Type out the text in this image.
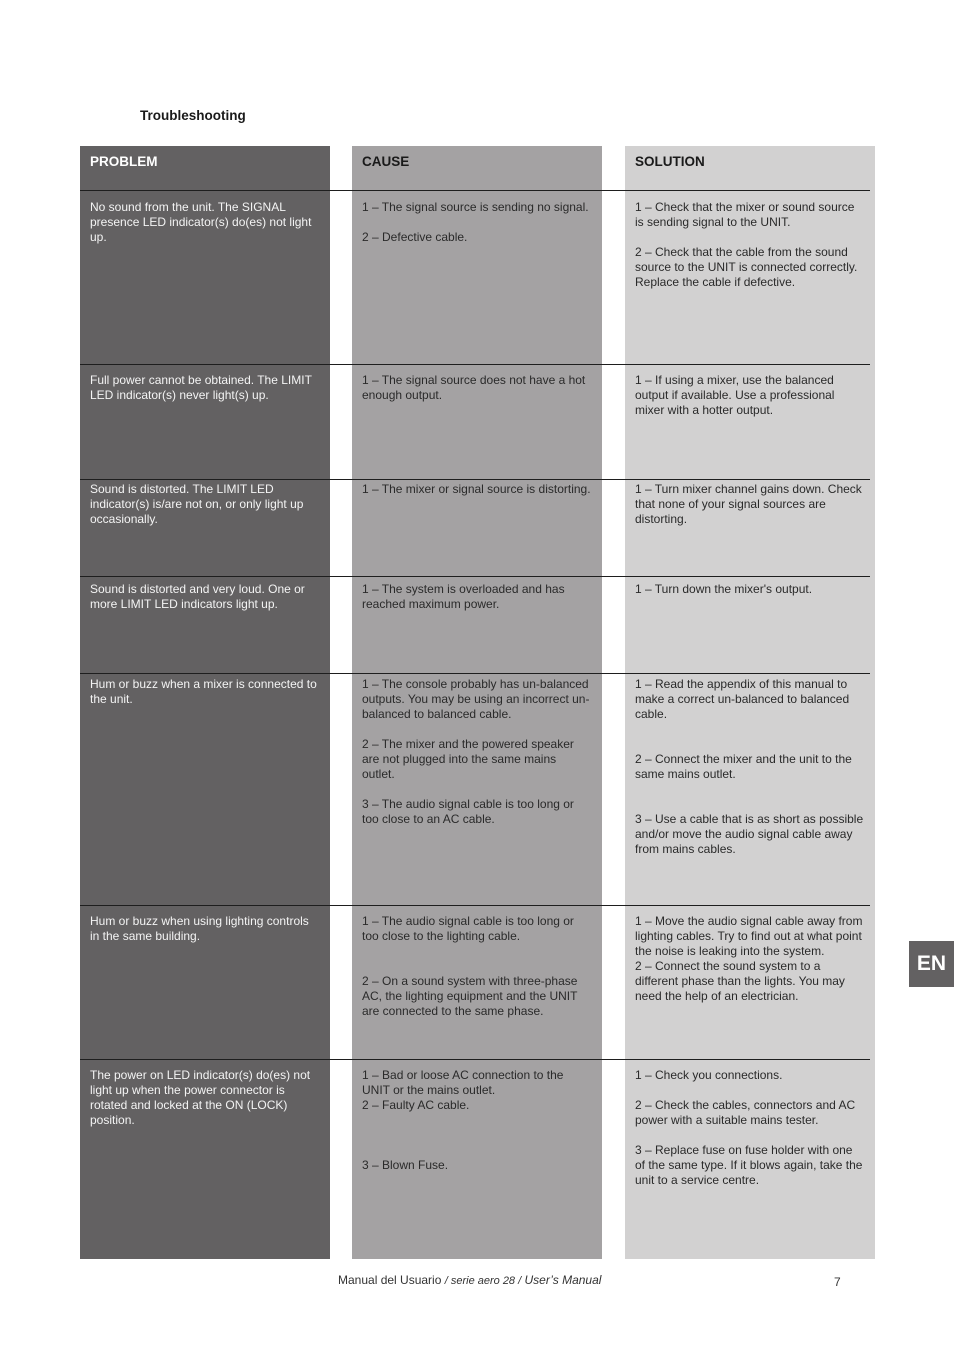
Troubleshooting
PROBLEM

No sound from the unit. The SIGNAL presence LED indicator(s) do(es) not light up.

Full power cannot be obtained. The LIMIT LED indicator(s) never light(s) up.

Sound is distorted. The LIMIT LED indicator(s) is/are not on, or only light up occasionally.

Sound is distorted and very loud. One or more LIMIT LED indicators light up.

Hum or buzz when a mixer is connected to the unit.

Hum or buzz when using lighting controls in the same building.

The power on LED indicator(s) do(es) not light up when the power connector is rotated and locked at the ON (LOCK) position.

CAUSE

1 – The signal source is sending no signal.

2 – Defective cable.

1 – The signal source does not have a hot enough output.

1 – The mixer or signal source is distorting.

1 – The system is overloaded and has reached maximum power.

1 – The console probably has un-balanced outputs. You may be using an incorrect un-balanced to balanced cable.

2 – The mixer and the powered speaker are not plugged into the same mains outlet.

3 – The audio signal cable is too long or too close to an AC cable.

1 – The audio signal cable is too long or too close to the lighting cable.

2 – On a sound system with three-phase AC, the lighting equipment and the UNIT are connected to the same phase.

1 – Bad or loose AC connection to the UNIT or the mains outlet.
2 – Faulty AC cable.

3 – Blown Fuse.

SOLUTION

1 – Check that the mixer or sound source is sending signal to the UNIT.

2 – Check that the cable from the sound source to the UNIT is connected correctly. Replace the cable if defective.

1 – If using a mixer, use the balanced output if available. Use a professional mixer with a hotter output.

1 – Turn mixer channel gains down. Check that none of your signal sources are distorting.

1 – Turn down the mixer's output.

1 – Read the appendix of this manual to make a correct un-balanced to balanced cable.

2 – Connect the mixer and the unit to the same mains outlet.

3 – Use a cable that is as short as possible and/or move the audio signal cable away from mains cables.

1 – Move the audio signal cable away from lighting cables. Try to find out at what point the noise is leaking into the system.
2 – Connect the sound system to a different phase than the lights. You may need the help of an electrician.

1 – Check you connections.

2 – Check the cables, connectors and AC power with a suitable mains tester.

3 – Replace fuse on fuse holder with one of the same type. If it blows again, take the unit to a service centre.

EN
Manual del Usuario / serie aero 28 / User’s Manual	7
